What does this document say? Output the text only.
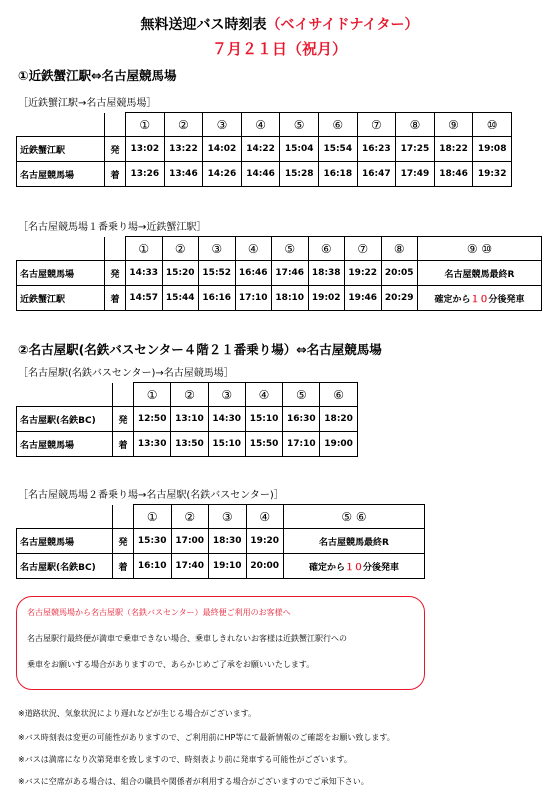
無料送迎バス時刻表（ベイサイドナイター）
７月２１日（祝月）
①近鉄蟹江駅⇔名古屋競馬場
［近鉄蟹江駅→名古屋競馬場］
		①	②	③	④	⑤	⑥	⑦	⑧	⑨	⑩
近鉄蟹江駅	発	13:02	13:22	14:02	14:22	15:04	15:54	16:23	17:25	18:22	19:08
名古屋競馬場	着	13:26	13:46	14:26	14:46	15:28	16:18	16:47	17:49	18:46	19:32
［名古屋競馬場１番乗り場→近鉄蟹江駅］
		①	②	③	④	⑤	⑥	⑦	⑧	⑨ ⑩
名古屋競馬場	発	14:33	15:20	15:52	16:46	17:46	18:38	19:22	20:05	名古屋競馬最終R
近鉄蟹江駅	着	14:57	15:44	16:16	17:10	18:10	19:02	19:46	20:29	確定から１０分後発車
②名古屋駅(名鉄バスセンター４階２１番乗り場）⇔名古屋競馬場
［名古屋駅(名鉄バスセンター)→名古屋競馬場］
		①	②	③	④	⑤	⑥
名古屋駅(名鉄BC)	発	12:50	13:10	14:30	15:10	16:30	18:20
名古屋競馬場	着	13:30	13:50	15:10	15:50	17:10	19:00
［名古屋競馬場２番乗り場→名古屋駅(名鉄バスセンター)］
		①	②	③	④	⑤ ⑥
名古屋競馬場	発	15:30	17:00	18:30	19:20	名古屋競馬最終R
名古屋駅(名鉄BC)	着	16:10	17:40	19:10	20:00	確定から１０分後発車
名古屋競馬場から名古屋駅（名鉄バスセンター）最終便ご利用のお客様へ
名古屋駅行最終便が満車で乗車できない場合、乗車しきれないお客様は近鉄蟹江駅行への
乗車をお願いする場合がありますので、あらかじめご了承をお願いいたします。
※道路状況、気象状況により遅れなどが生じる場合がございます。
※バス時刻表は変更の可能性がありますので、ご利用前にHP等にて最新情報のご確認をお願い致します。
※バスは満席になり次第発車を致しますので、時刻表より前に発車する可能性がございます。
※バスに空席がある場合は、組合の職員や関係者が利用する場合がございますのでご承知下さい。
